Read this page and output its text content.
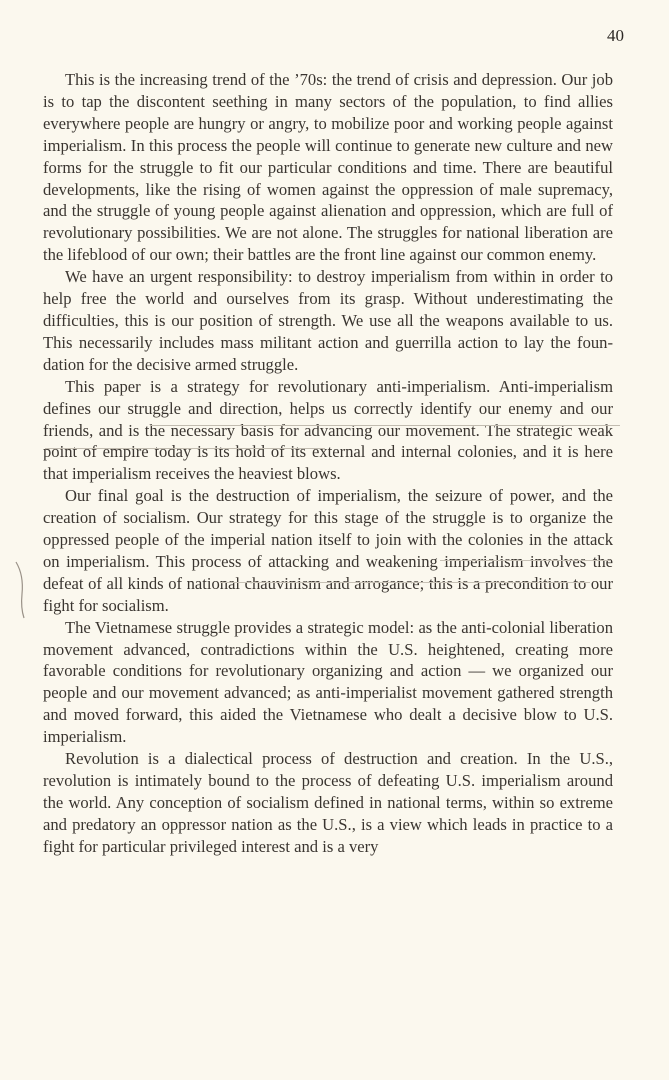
40

This is the increasing trend of the ’70s: the trend of crisis and depression. Our job is to tap the discontent seething in many sectors of the population, to find allies everywhere people are hungry or angry, to mobilize poor and working people against imperialism. In this process the people will continue to generate new culture and new forms for the struggle to fit our particular conditions and time. There are beautiful developments, like the rising of women against the oppression of male supremacy, and the struggle of young people against alienation and oppression, which are full of revolutionary possibilities. We are not alone. The struggles for national liberation are the lifeblood of our own; their battles are the front line against our common enemy.

We have an urgent responsibility: to destroy imperialism from within in order to help free the world and ourselves from its grasp. Without underestimating the difficulties, this is our position of strength. We use all the weapons available to us. This necessarily includes mass militant action and guerrilla action to lay the foundation for the decisive armed struggle.

This paper is a strategy for revolutionary anti-imperialism. Anti-imperialism defines our struggle and direction, helps us correctly identify our enemy and our friends, and is the necessary basis for advancing our movement. The strategic weak point of empire today is its hold of its external and internal colonies, and it is here that imperialism receives the heaviest blows.

Our final goal is the destruction of imperialism, the seizure of power, and the creation of socialism. Our strategy for this stage of the struggle is to organize the oppressed people of the imperial nation itself to join with the colonies in the attack on imperialism. This process of attacking and weakening imperialism involves the defeat of all kinds of national chauvinism and arrogance; this is a precondition to our fight for socialism.

The Vietnamese struggle provides a strategic model: as the anti-colonial liberation movement advanced, contradictions within the U.S. heightened, creating more favorable conditions for revolutionary organizing and action — we organized our people and our movement advanced; as anti-imperialist movement gathered strength and moved forward, this aided the Vietnamese who dealt a decisive blow to U.S. imperialism.

Revolution is a dialectical process of destruction and creation. In the U.S., revolution is intimately bound to the process of defeating U.S. imperialism around the world. Any conception of socialism defined in national terms, within so extreme and predatory an oppressor nation as the U.S., is a view which leads in practice to a fight for particular privileged interest and is a very
